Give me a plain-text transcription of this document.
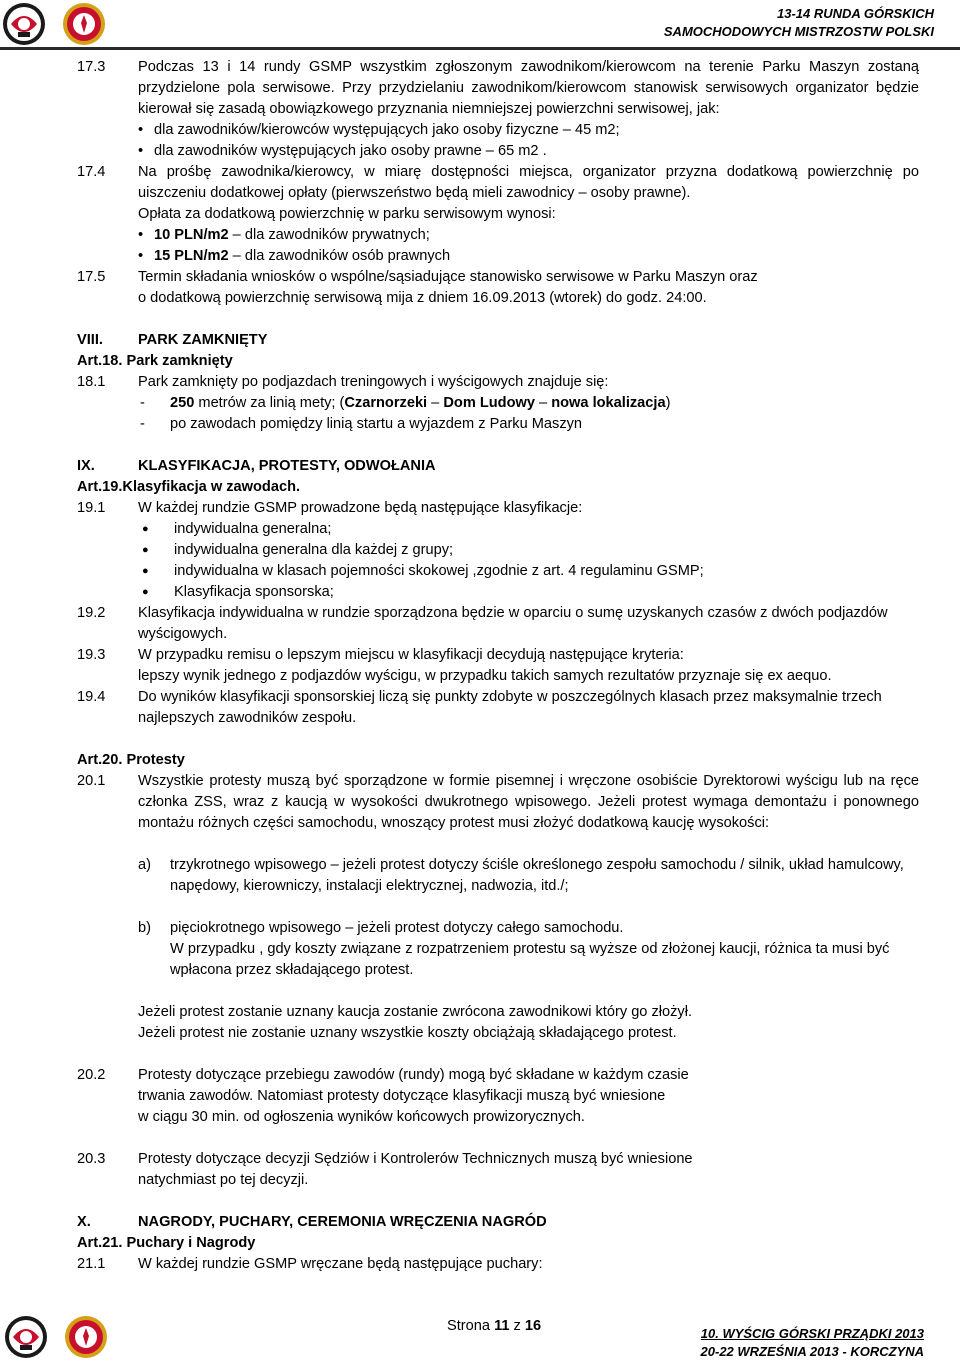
13-14 RUNDA GÓRSKICH
SAMOCHODOWYCH MISTRZOSTW POLSKI
17.3	Podczas 13 i 14 rundy GSMP wszystkim zgłoszonym zawodnikom/kierowcom na terenie Parku Maszyn zostaną przydzielone pola serwisowe. Przy przydzielaniu zawodnikom/kierowcom stanowisk serwisowych organizator będzie kierował się zasadą obowiązkowego przyznania niemniejszej powierzchni serwisowej, jak:
• dla zawodników/kierowców występujących jako osoby fizyczne – 45 m2;
• dla zawodników występujących jako osoby prawne – 65 m2 .
17.4	Na prośbę zawodnika/kierowcy, w miarę dostępności miejsca, organizator przyzna dodatkową powierzchnię po uiszczeniu dodatkowej opłaty (pierwszeństwo będą mieli zawodnicy – osoby prawne).
Opłata za dodatkową powierzchnię w parku serwisowym wynosi:
• 10 PLN/m2 – dla zawodników prywatnych;
• 15 PLN/m2 – dla zawodników osób prawnych
17.5	Termin składania wniosków o wspólne/sąsiadujące stanowisko serwisowe w Parku Maszyn oraz
o dodatkową powierzchnię serwisową mija z dniem 16.09.2013 (wtorek) do godz. 24:00.
VIII.	PARK ZAMKNIĘTY
Art.18. Park zamknięty
18.1	Park zamknięty po podjazdach treningowych i wyścigowych znajduje się:
-	250 metrów za linią mety; (Czarnorzeki – Dom Ludowy – nowa lokalizacja)
-	po zawodach pomiędzy linią startu a wyjazdem z Parku Maszyn
IX.	KLASYFIKACJA, PROTESTY, ODWOŁANIA
Art.19.Klasyfikacja w zawodach.
19.1	W każdej rundzie GSMP prowadzone będą następujące klasyfikacje:
●	indywidualna generalna;
●	indywidualna generalna dla każdej z grupy;
●	indywidualna w klasach pojemności skokowej ,zgodnie z art. 4 regulaminu GSMP;
●	Klasyfikacja sponsorska;
19.2	Klasyfikacja indywidualna w rundzie sporządzona będzie w oparciu o sumę uzyskanych czasów z dwóch podjazdów wyścigowych.
19.3	W przypadku remisu o lepszym miejscu w klasyfikacji decydują następujące kryteria:
lepszy wynik jednego z podjazdów wyścigu, w przypadku takich samych rezultatów przyznaje się ex aequo.
19.4	Do wyników klasyfikacji sponsorskiej liczą się punkty zdobyte w poszczególnych klasach przez maksymalnie trzech najlepszych zawodników zespołu.
Art.20. Protesty
20.1	Wszystkie protesty muszą być sporządzone w formie pisemnej i wręczone osobiście Dyrektorowi wyścigu lub na ręce członka ZSS, wraz z kaucją w wysokości dwukrotnego wpisowego. Jeżeli protest wymaga demontażu i ponownego montażu różnych części samochodu, wnoszący protest musi złożyć dodatkową kaucję wysokości:
a)	trzykrotnego wpisowego – jeżeli protest dotyczy ściśle określonego zespołu samochodu / silnik, układ hamulcowy, napędowy, kierowniczy, instalacji elektrycznej, nadwozia, itd./;
b)	pięciokrotnego wpisowego – jeżeli protest dotyczy całego samochodu.
W przypadku , gdy koszty związane z rozpatrzeniem protestu są wyższe od złożonej kaucji, różnica ta musi być wpłacona przez składającego protest.
Jeżeli protest zostanie uznany kaucja zostanie zwrócona zawodnikowi który go złożył.
Jeżeli protest nie zostanie uznany wszystkie koszty obciążają składającego protest.
20.2	Protesty dotyczące przebiegu zawodów (rundy) mogą być składane w każdym czasie
trwania zawodów. Natomiast protesty dotyczące klasyfikacji muszą być wniesione
w ciągu 30 min. od ogłoszenia wyników końcowych prowizorycznych.
20.3	Protesty dotyczące decyzji Sędziów i Kontrolerów Technicznych muszą być wniesione
natychmiast po tej decyzji.
X.	NAGRODY, PUCHARY, CEREMONIA WRĘCZENIA NAGRÓD
Art.21. Puchary i Nagrody
21.1	W każdej rundzie GSMP wręczane będą następujące puchary:
Strona 11 z 16	10. WYŚCIG GÓRSKI PRZĄDKI 2013
20-22 WRZEŚNIA 2013 - KORCZYNA
